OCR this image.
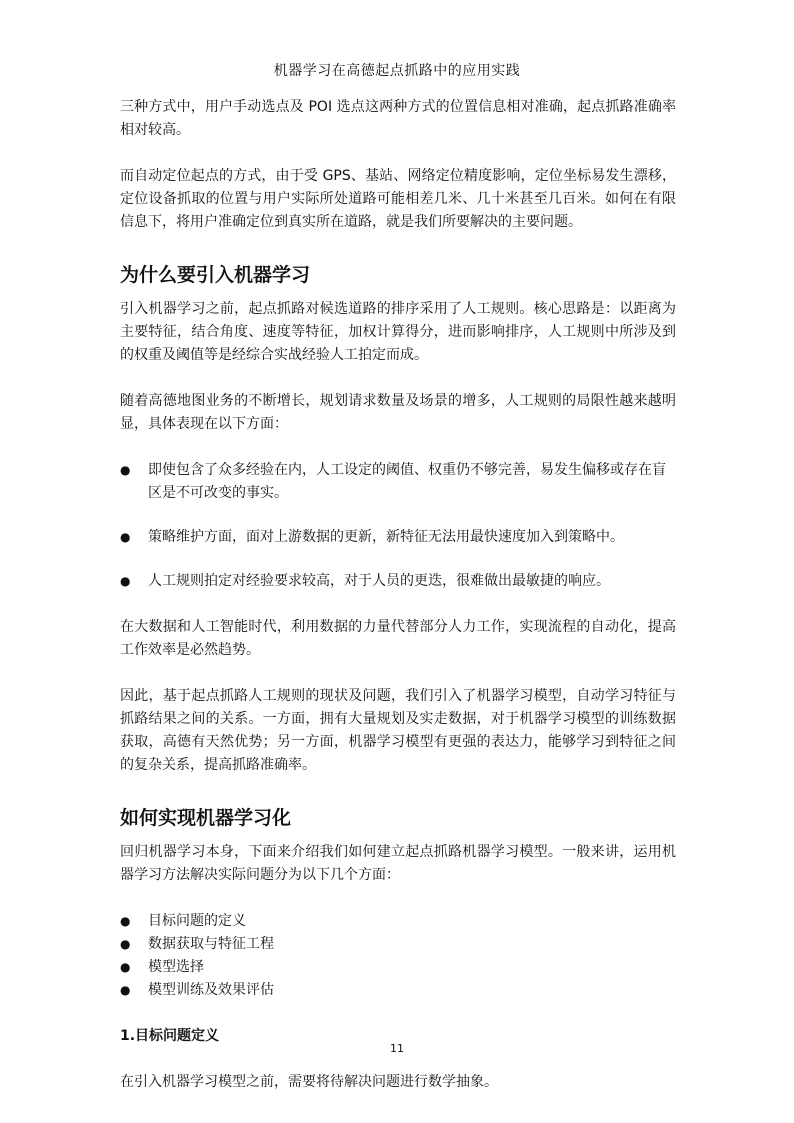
机器学习在高德起点抓路中的应用实践

三种方式中，用户手动选点及 POI 选点这两种方式的位置信息相对准确，起点抓路准确率相对较高。

而自动定位起点的方式，由于受 GPS、基站、网络定位精度影响，定位坐标易发生漂移，定位设备抓取的位置与用户实际所处道路可能相差几米、几十米甚至几百米。如何在有限信息下，将用户准确定位到真实所在道路，就是我们所要解决的主要问题。

为什么要引入机器学习

引入机器学习之前，起点抓路对候选道路的排序采用了人工规则。核心思路是：以距离为主要特征，结合角度、速度等特征，加权计算得分，进而影响排序，人工规则中所涉及到的权重及阈值等是经综合实战经验人工拍定而成。

随着高德地图业务的不断增长，规划请求数量及场景的增多，人工规则的局限性越来越明显，具体表现在以下方面：

● 即使包含了众多经验在内，人工设定的阈值、权重仍不够完善，易发生偏移或存在盲区是不可改变的事实。
● 策略维护方面，面对上游数据的更新，新特征无法用最快速度加入到策略中。
● 人工规则拍定对经验要求较高，对于人员的更迭，很难做出最敏捷的响应。

在大数据和人工智能时代，利用数据的力量代替部分人力工作，实现流程的自动化，提高工作效率是必然趋势。

因此，基于起点抓路人工规则的现状及问题，我们引入了机器学习模型，自动学习特征与抓路结果之间的关系。一方面，拥有大量规划及实走数据，对于机器学习模型的训练数据获取，高德有天然优势；另一方面，机器学习模型有更强的表达力，能够学习到特征之间的复杂关系，提高抓路准确率。

如何实现机器学习化

回归机器学习本身，下面来介绍我们如何建立起点抓路机器学习模型。一般来讲，运用机器学习方法解决实际问题分为以下几个方面：

● 目标问题的定义
● 数据获取与特征工程
● 模型选择
● 模型训练及效果评估
1.目标问题定义

在引入机器学习模型之前，需要将待解决问题进行数学抽象。

11
